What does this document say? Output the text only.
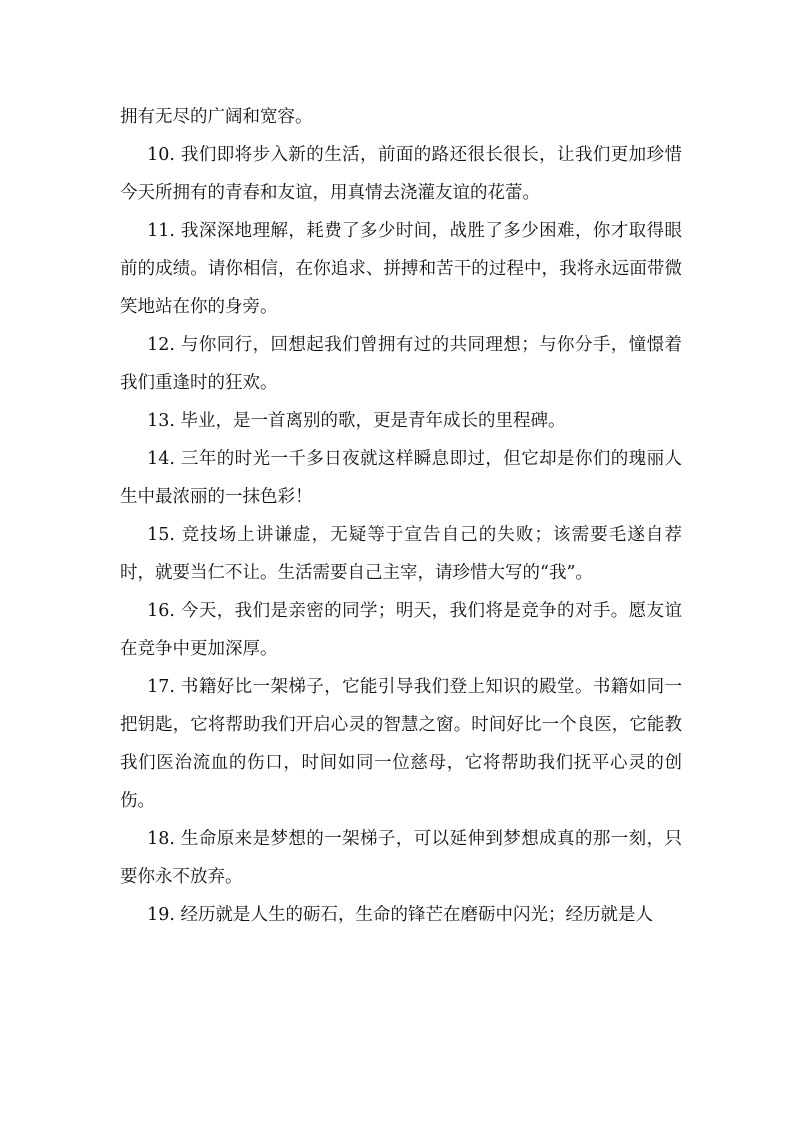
拥有无尽的广阔和宽容。

10. 我们即将步入新的生活，前面的路还很长很长，让我们更加珍惜今天所拥有的青春和友谊，用真情去浇灌友谊的花蕾。

11. 我深深地理解，耗费了多少时间，战胜了多少困难，你才取得眼前的成绩。请你相信，在你追求、拼搏和苦干的过程中，我将永远面带微笑地站在你的身旁。

12. 与你同行，回想起我们曾拥有过的共同理想；与你分手，憧憬着我们重逢时的狂欢。

13. 毕业，是一首离别的歌，更是青年成长的里程碑。

14. 三年的时光一千多日夜就这样瞬息即过，但它却是你们的瑰丽人生中最浓丽的一抹色彩！

15. 竞技场上讲谦虚，无疑等于宣告自己的失败；该需要毛遂自荐时，就要当仁不让。生活需要自己主宰，请珍惜大写的“我”。

16. 今天，我们是亲密的同学；明天，我们将是竞争的对手。愿友谊在竞争中更加深厚。

17. 书籍好比一架梯子，它能引导我们登上知识的殿堂。书籍如同一把钥匙，它将帮助我们开启心灵的智慧之窗。时间好比一个良医，它能教我们医治流血的伤口，时间如同一位慈母，它将帮助我们抚平心灵的创伤。

18. 生命原来是梦想的一架梯子，可以延伸到梦想成真的那一刻，只要你永不放弃。

19. 经历就是人生的砺石，生命的锋芒在磨砺中闪光；经历就是人
